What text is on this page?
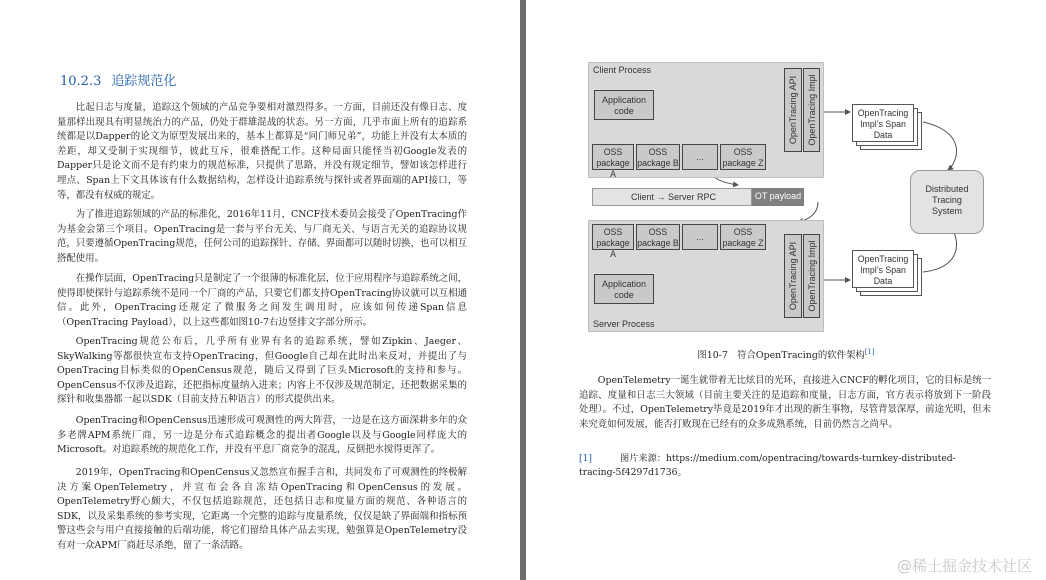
10.2.3 追踪规范化

比起日志与度量，追踪这个领域的产品竞争要相对激烈得多。一方面，目前还没有像日志、度量那样出现具有明显统治力的产品，仍处于群雄混战的状态。另一方面，几乎市面上所有的追踪系统都是以Dapper的论文为原型发展出来的，基本上都算是“同门师兄弟”，功能上并没有太本质的差距，却又受制于实现细节，彼此互斥，很难搭配工作。这种局面只能怪当初Google发表的Dapper只是论文而不是有约束力的规范标准，只提供了思路，并没有规定细节，譬如该怎样进行埋点、Span上下文具体该有什么数据结构，怎样设计追踪系统与探针或者界面端的API接口，等等，都没有权威的规定。

为了推进追踪领域的产品的标准化，2016年11月，CNCF技术委员会接受了OpenTracing作为基金会第三个项目。OpenTracing是一套与平台无关、与厂商无关、与语言无关的追踪协议规范，只要遵循OpenTracing规范，任何公司的追踪探针、存储、界面都可以随时切换，也可以相互搭配使用。

在操作层面，OpenTracing只是制定了一个很薄的标准化层，位于应用程序与追踪系统之间，使得即使探针与追踪系统不是同一个厂商的产品，只要它们都支持OpenTracing协议就可以互相通信。此外，OpenTracing还规定了微服务之间发生调用时，应该如何传递Span信息（OpenTracing Payload），以上这些都如图10-7右边竖排文字部分所示。

OpenTracing规范公布后，几乎所有业界有名的追踪系统，譬如Zipkin、Jaeger、SkyWalking等都很快宣布支持OpenTracing，但Google自己却在此时出来反对，并提出了与OpenTracing目标类似的OpenCensus规范，随后又得到了巨头Microsoft的支持和参与。OpenCensus不仅涉及追踪，还把指标度量纳入进来；内容上不仅涉及规范制定，还把数据采集的探针和收集器都一起以SDK（目前支持五种语言）的形式提供出来。

OpenTracing和OpenCensus迅速形成可观测性的两大阵营，一边是在这方面深耕多年的众多老牌APM系统厂商，另一边是分布式追踪概念的提出者Google以及与Google同样庞大的Microsoft。对追踪系统的规范化工作，并没有平息厂商竞争的混乱，反倒把水搅得更浑了。

2019年，OpenTracing和OpenCensus又忽然宣布握手言和，共同发布了可观测性的终极解决方案OpenTelemetry，并宣布会各自冻结OpenTracing和OpenCensus的发展。OpenTelemetry野心颇大，不仅包括追踪规范，还包括日志和度量方面的规范、各种语言的SDK，以及采集系统的参考实现，它距离一个完整的追踪与度量系统，仅仅是缺了界面端和指标预警这些会与用户直接接触的后端功能，将它们留给具体产品去实现，勉强算是OpenTelemetry没有对一众APM厂商赶尽杀绝，留了一条活路。

Client Process
Application
code
OSS
package A
OSS
package B
...	OSS
package Z
OpenTracing API OpenTracing Impl
Client → Server RPC	OT payload
Server Process
OSS
package A
OSS
package B
...	OSS
package Z
Application
code	OpenTracing API OpenTracing Impl
OpenTracing
Impl’s Span
Data
OpenTracing
Impl’s Span
Data
Distributed
Tracing
System
图10-7　符合OpenTracing的软件架构[1]

OpenTelemetry一诞生就带着无比炫目的光环，直接进入CNCF的孵化项目，它的目标是统一追踪、度量和日志三大领域（目前主要关注的是追踪和度量，日志方面，官方表示将放到下一阶段处理）。不过，OpenTelemetry毕竟是2019年才出现的新生事物，尽管背景深厚，前途光明，但未来究竟如何发展，能否打败现在已经有的众多成熟系统，目前仍然言之尚早。

[1]	图片来源：https://medium.com/opentracing/towards-turnkey-distributed-tracing-5f4297d1736。
@稀土掘金技术社区
